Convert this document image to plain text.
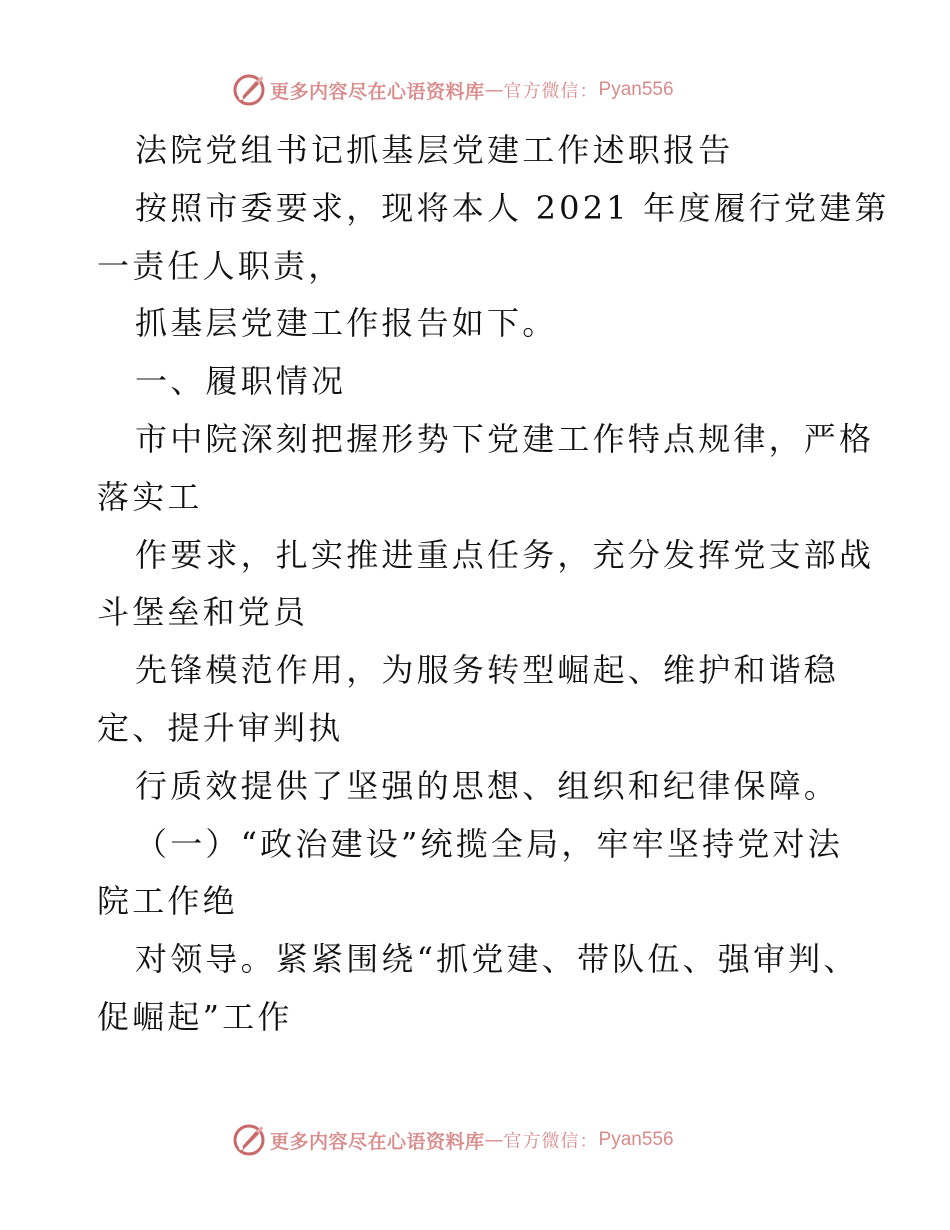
更多内容尽在心语资料库 — 官方微信： Pyan556

法院党组书记抓基层党建工作述职报告

按照市委要求，现将本人 2021 年度履行党建第

一责任人职责，

抓基层党建工作报告如下。

一、履职情况

市中院深刻把握形势下党建工作特点规律，严格

落实工

作要求，扎实推进重点任务，充分发挥党支部战

斗堡垒和党员

先锋模范作用，为服务转型崛起、维护和谐稳

定、提升审判执

行质效提供了坚强的思想、组织和纪律保障。

（一）“政治建设”统揽全局，牢牢坚持党对法

院工作绝

对领导。紧紧围绕“抓党建、带队伍、强审判、

促崛起”工作

更多内容尽在心语资料库 — 官方微信： Pyan556
